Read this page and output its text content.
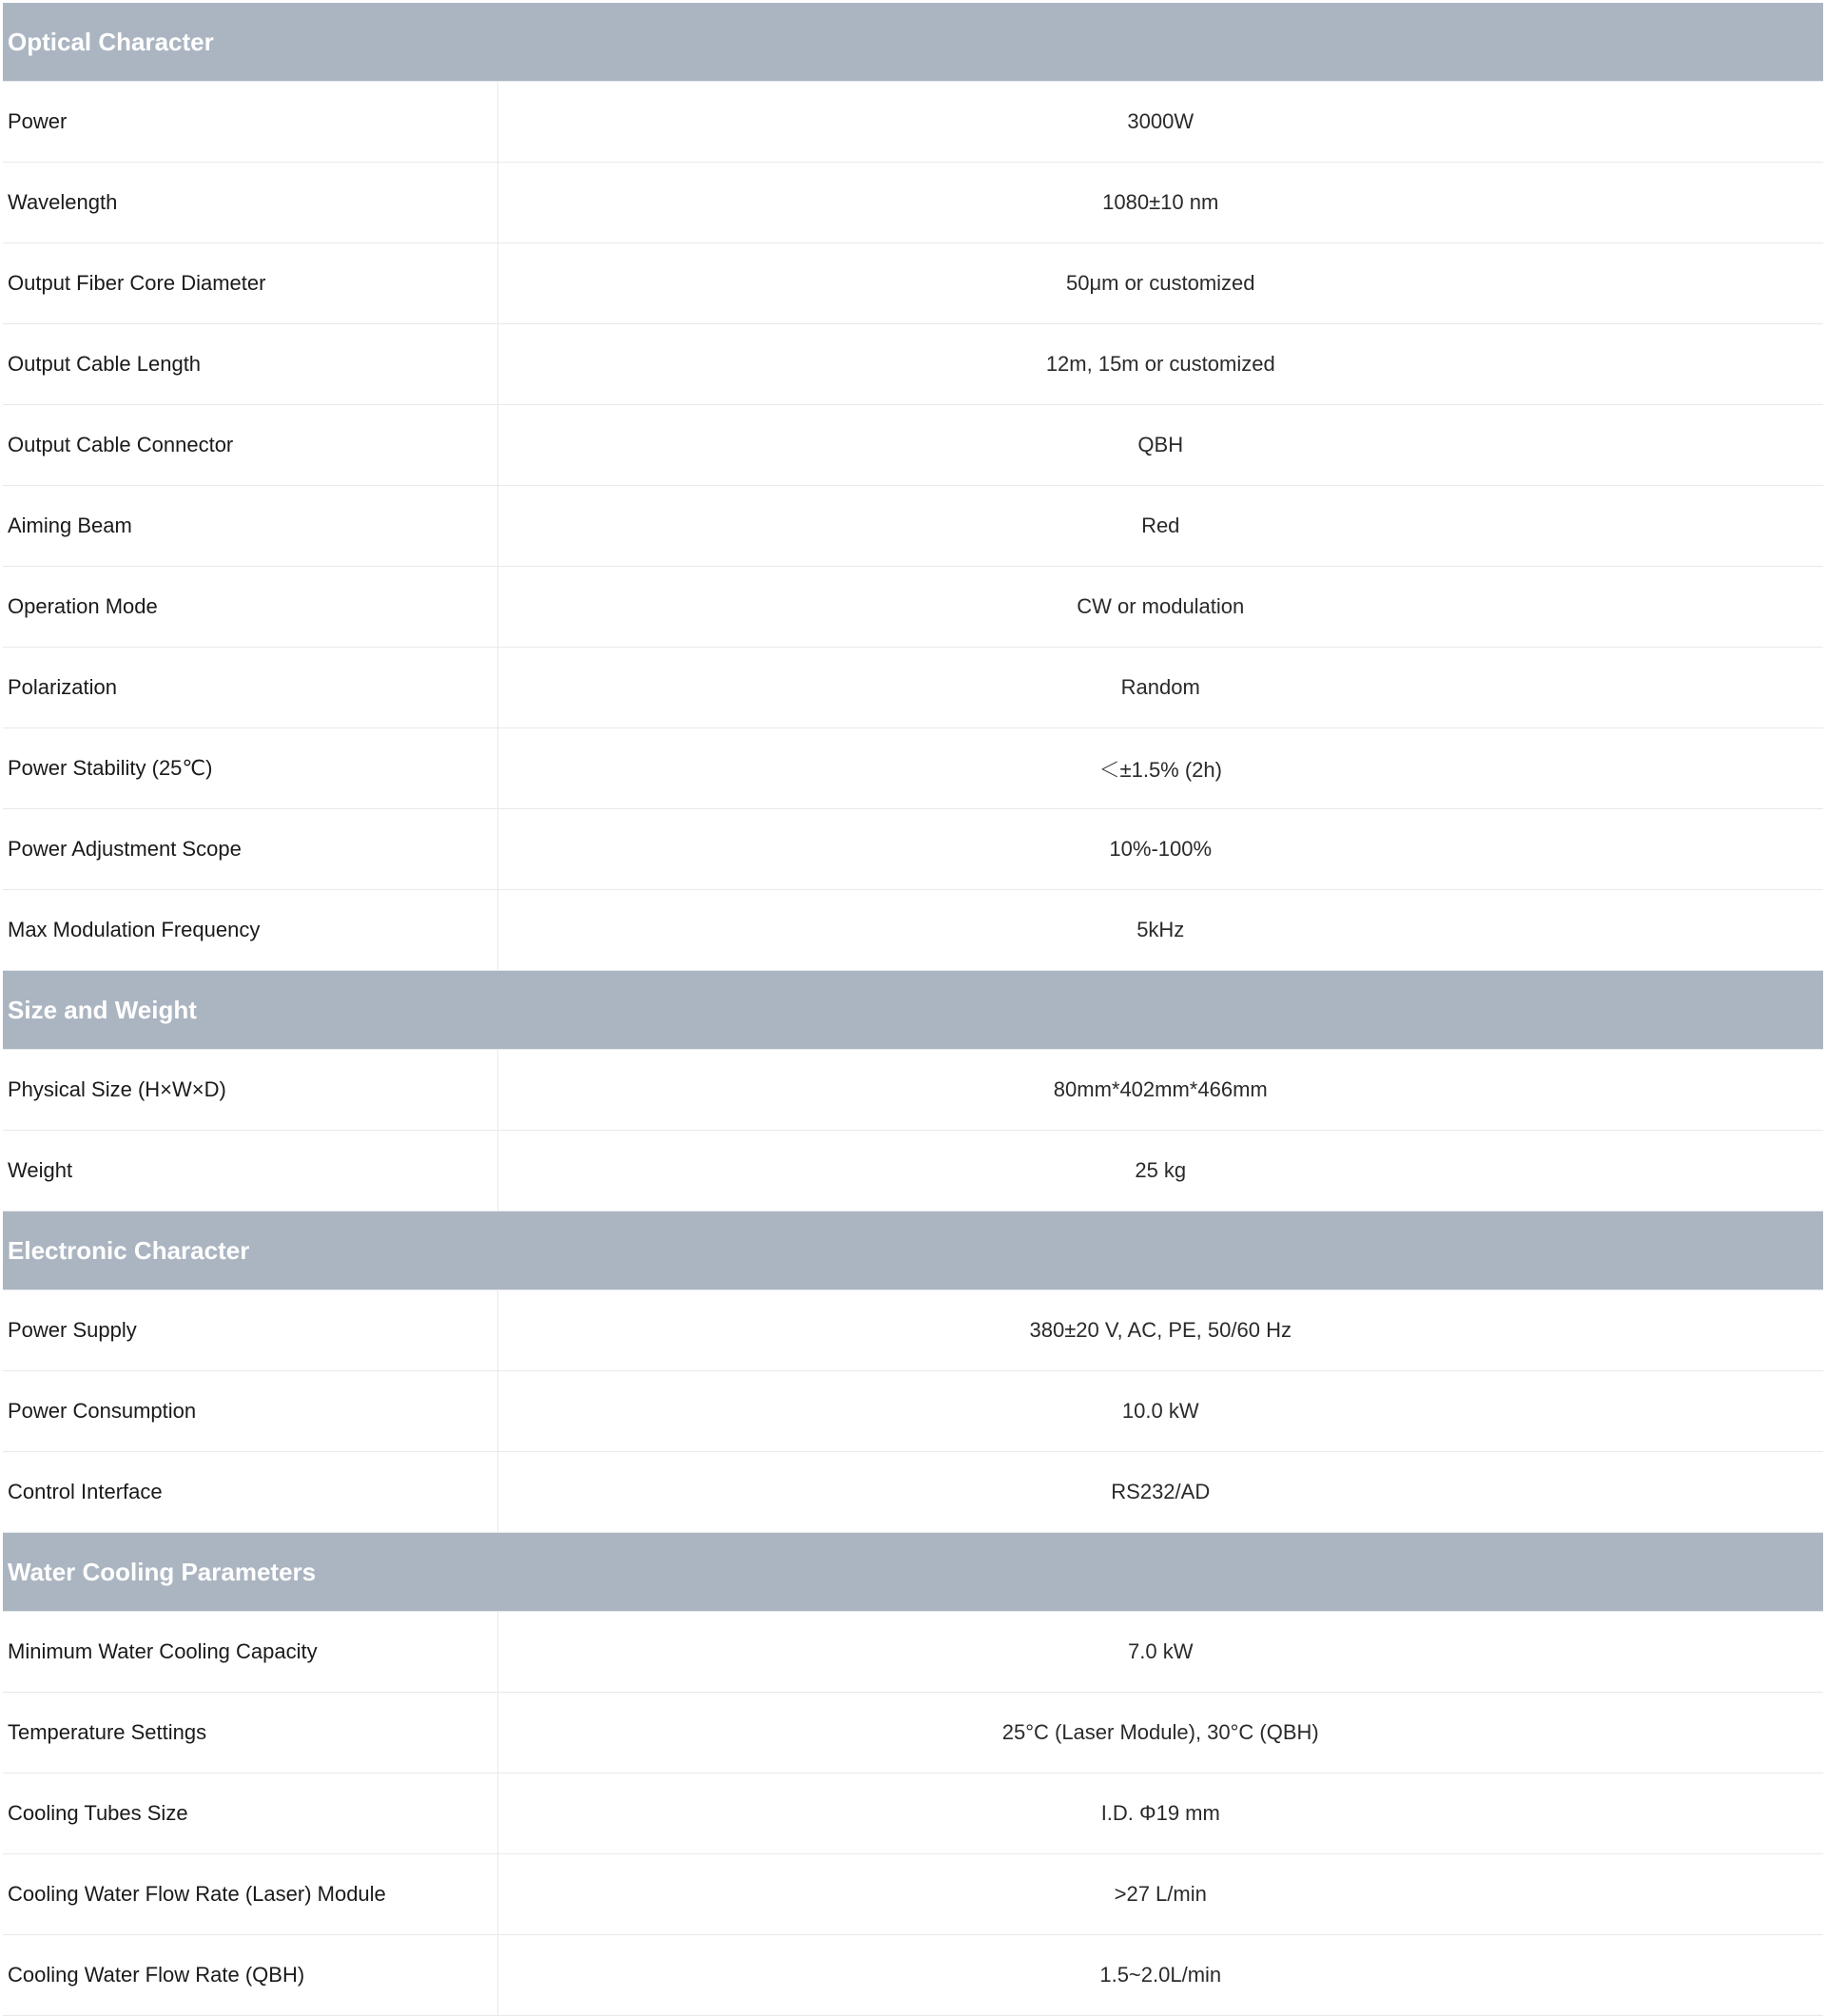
Optical Character	
Power	3000W
Wavelength	1080±10 nm
Output Fiber Core Diameter	50μm or customized
Output Cable Length	12m, 15m or customized
Output Cable Connector	QBH
Aiming Beam	Red
Operation Mode	CW or modulation
Polarization	Random
Power Stability (25℃)	＜±1.5% (2h)
Power Adjustment Scope	10%-100%
Max Modulation Frequency	5kHz
Size and Weight	
Physical Size (H×W×D)	80mm*402mm*466mm
Weight	25 kg
Electronic Character	
Power Supply	380±20 V, AC, PE, 50/60 Hz
Power Consumption	10.0 kW
Control Interface	RS232/AD
Water Cooling Parameters	
Minimum Water Cooling Capacity	7.0 kW
Temperature Settings	25°C (Laser Module), 30°C (QBH)
Cooling Tubes Size	I.D. Φ19 mm
Cooling Water Flow Rate (Laser) Module	>27 L/min
Cooling Water Flow Rate (QBH)	1.5~2.0L/min
